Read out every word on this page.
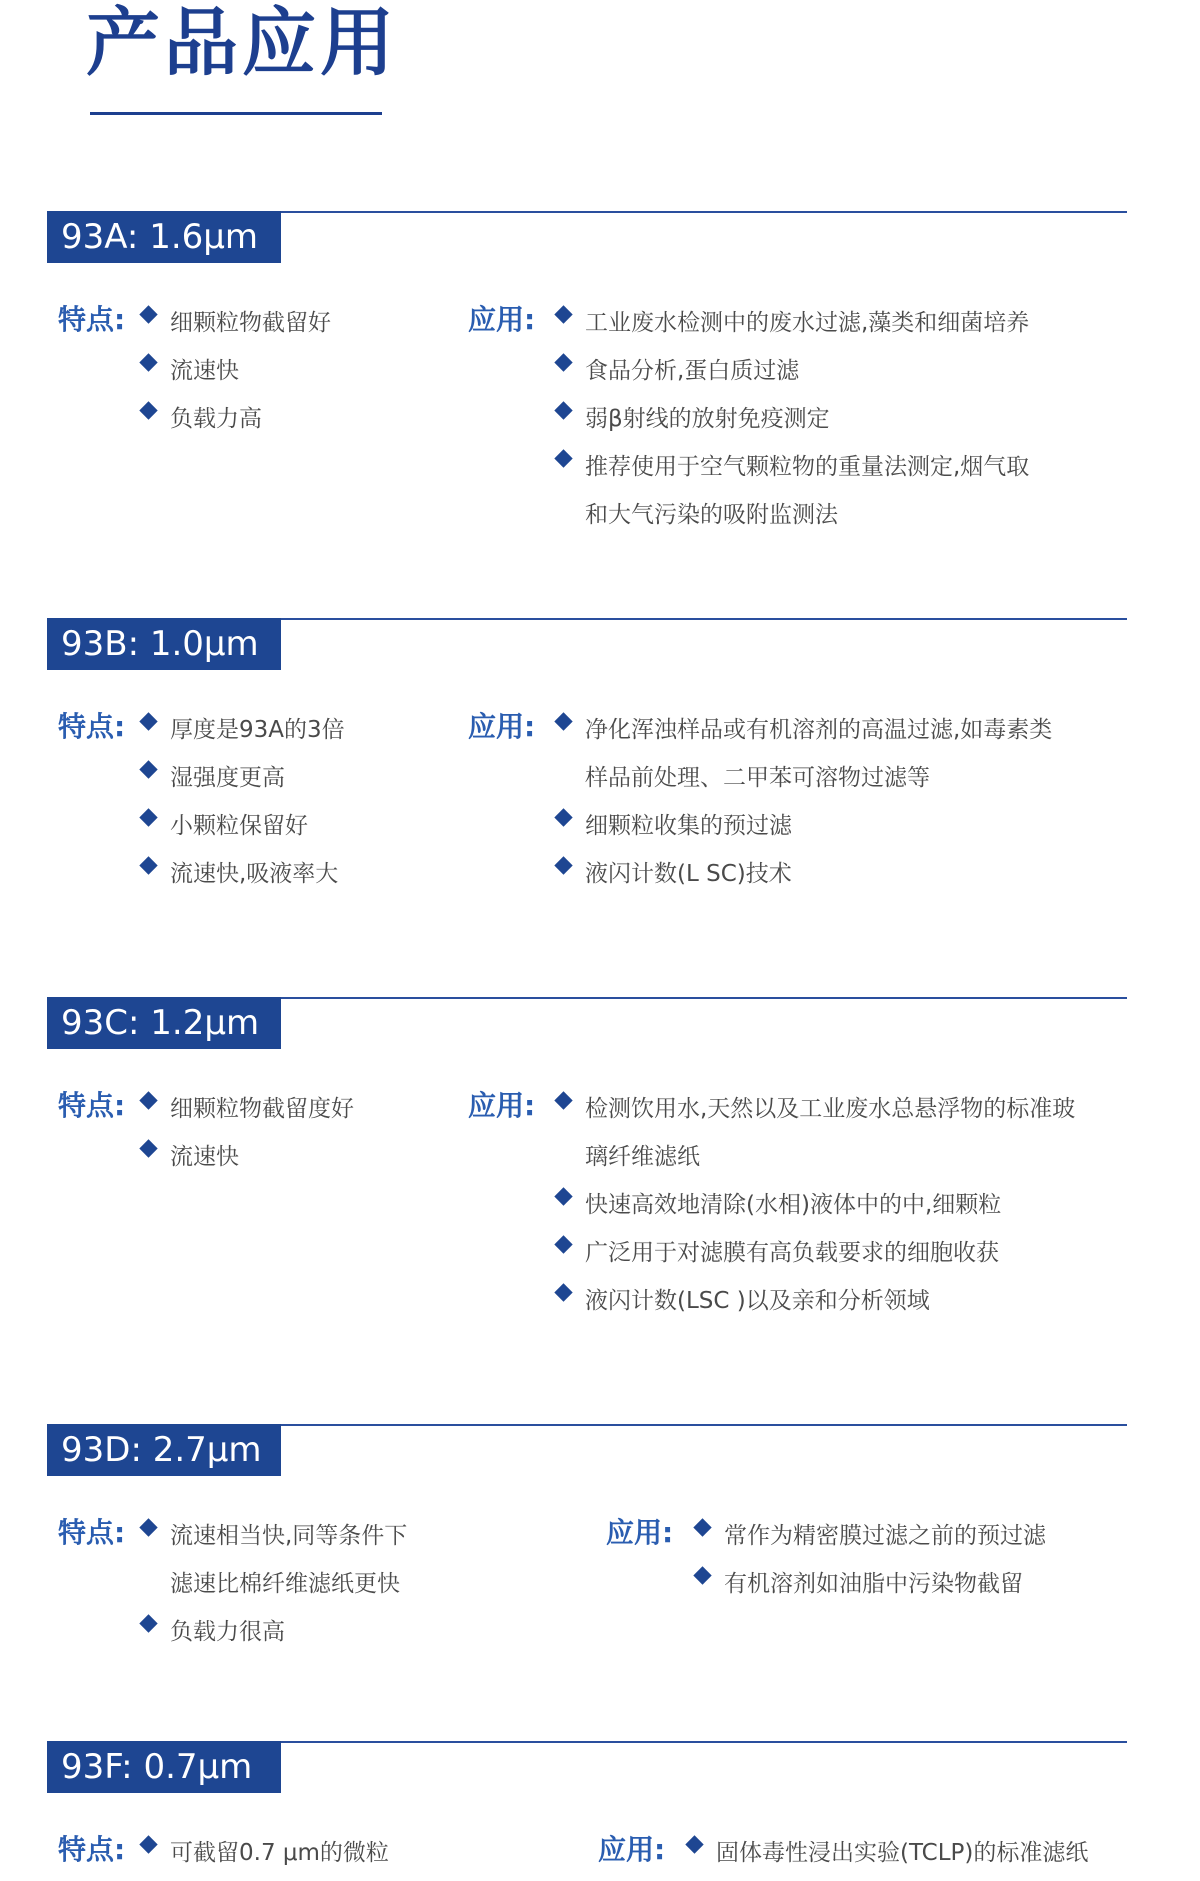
产品应用
93A: 1.6μm
特点: 细颗粒物截留好
流速快
负载力高
应用: 工业废水检测中的废水过滤,藻类和细菌培养
食品分析,蛋白质过滤
弱β射线的放射免疫测定
推荐使用于空气颗粒物的重量法测定,烟气取
和大气污染的吸附监测法
93B: 1.0μm
特点: 厚度是93A的3倍
湿强度更高
小颗粒保留好
流速快,吸液率大
应用: 净化浑浊样品或有机溶剂的高温过滤,如毒素类
样品前处理、二甲苯可溶物过滤等
细颗粒收集的预过滤
液闪计数(L SC)技术
93C: 1.2μm
特点: 细颗粒物截留度好
流速快
应用: 检测饮用水,天然以及工业废水总悬浮物的标准玻
璃纤维滤纸
快速高效地清除(水相)液体中的中,细颗粒
广泛用于对滤膜有高负载要求的细胞收获
液闪计数(LSC )以及亲和分析领域
93D: 2.7μm
特点: 流速相当快,同等条件下
滤速比棉纤维滤纸更快
负载力很高
应用: 常作为精密膜过滤之前的预过滤
有机溶剂如油脂中污染物截留
93F: 0.7μm
特点: 可截留0.7 μm的微粒	应用: 固体毒性浸出实验(TCLP)的标准滤纸
